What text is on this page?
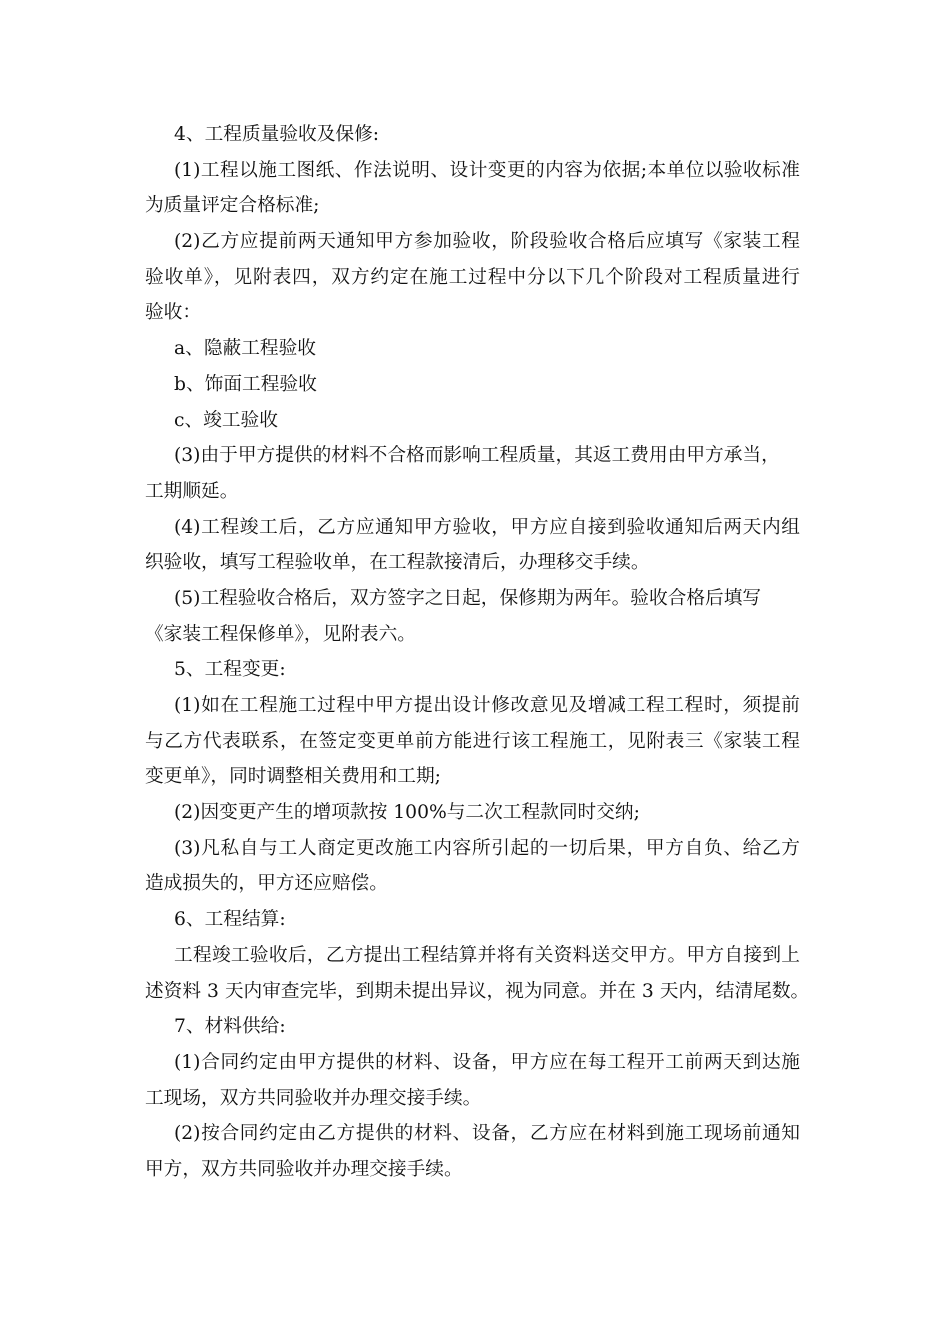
4、工程质量验收及保修:
(1)工程以施工图纸、作法说明、设计变更的内容为依据;本单位以验收标准
为质量评定合格标准;
(2)乙方应提前两天通知甲方参加验收，阶段验收合格后应填写《家装工程
验收单》，见附表四，双方约定在施工过程中分以下几个阶段对工程质量进行
验收：
a、隐蔽工程验收
b、饰面工程验收
c、竣工验收
(3)由于甲方提供的材料不合格而影响工程质量，其返工费用由甲方承当，
工期顺延。
(4)工程竣工后，乙方应通知甲方验收，甲方应自接到验收通知后两天内组
织验收，填写工程验收单，在工程款接清后，办理移交手续。
(5)工程验收合格后，双方签字之日起，保修期为两年。验收合格后填写
《家装工程保修单》，见附表六。
5、工程变更:
(1)如在工程施工过程中甲方提出设计修改意见及增减工程工程时，须提前
与乙方代表联系，在签定变更单前方能进行该工程施工，见附表三《家装工程
变更单》，同时调整相关费用和工期;
(2)因变更产生的增项款按 100%与二次工程款同时交纳;
(3)凡私自与工人商定更改施工内容所引起的一切后果，甲方自负、给乙方
造成损失的，甲方还应赔偿。
6、工程结算:
工程竣工验收后，乙方提出工程结算并将有关资料送交甲方。甲方自接到上
述资料 3 天内审查完毕，到期未提出异议，视为同意。并在 3 天内，结清尾数。
7、材料供给:
(1)合同约定由甲方提供的材料、设备，甲方应在每工程开工前两天到达施
工现场，双方共同验收并办理交接手续。
(2)按合同约定由乙方提供的材料、设备，乙方应在材料到施工现场前通知
甲方，双方共同验收并办理交接手续。
